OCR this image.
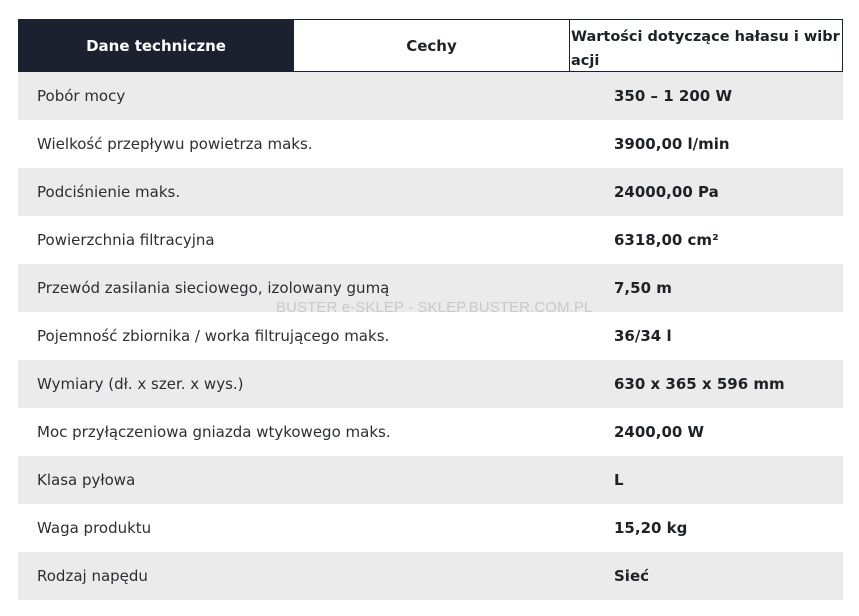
Dane techniczne	Cechy	Wartości dotyczące hałasu i wibracji
Pobór mocy	350 – 1 200 W
Wielkość przepływu powietrza maks.	3900,00 l/min
Podciśnienie maks.	24000,00 Pa
Powierzchnia filtracyjna	6318,00 cm²
Przewód zasilania sieciowego, izolowany gumą	7,50 m
Pojemność zbiornika / worka filtrującego maks.	36/34 l
Wymiary (dł. x szer. x wys.)	630 x 365 x 596 mm
Moc przyłączeniowa gniazda wtykowego maks.	2400,00 W
Klasa pyłowa	L
Waga produktu	15,20 kg
Rodzaj napędu	Sieć
BUSTER e-SKLEP - SKLEP.BUSTER.COM.PL
